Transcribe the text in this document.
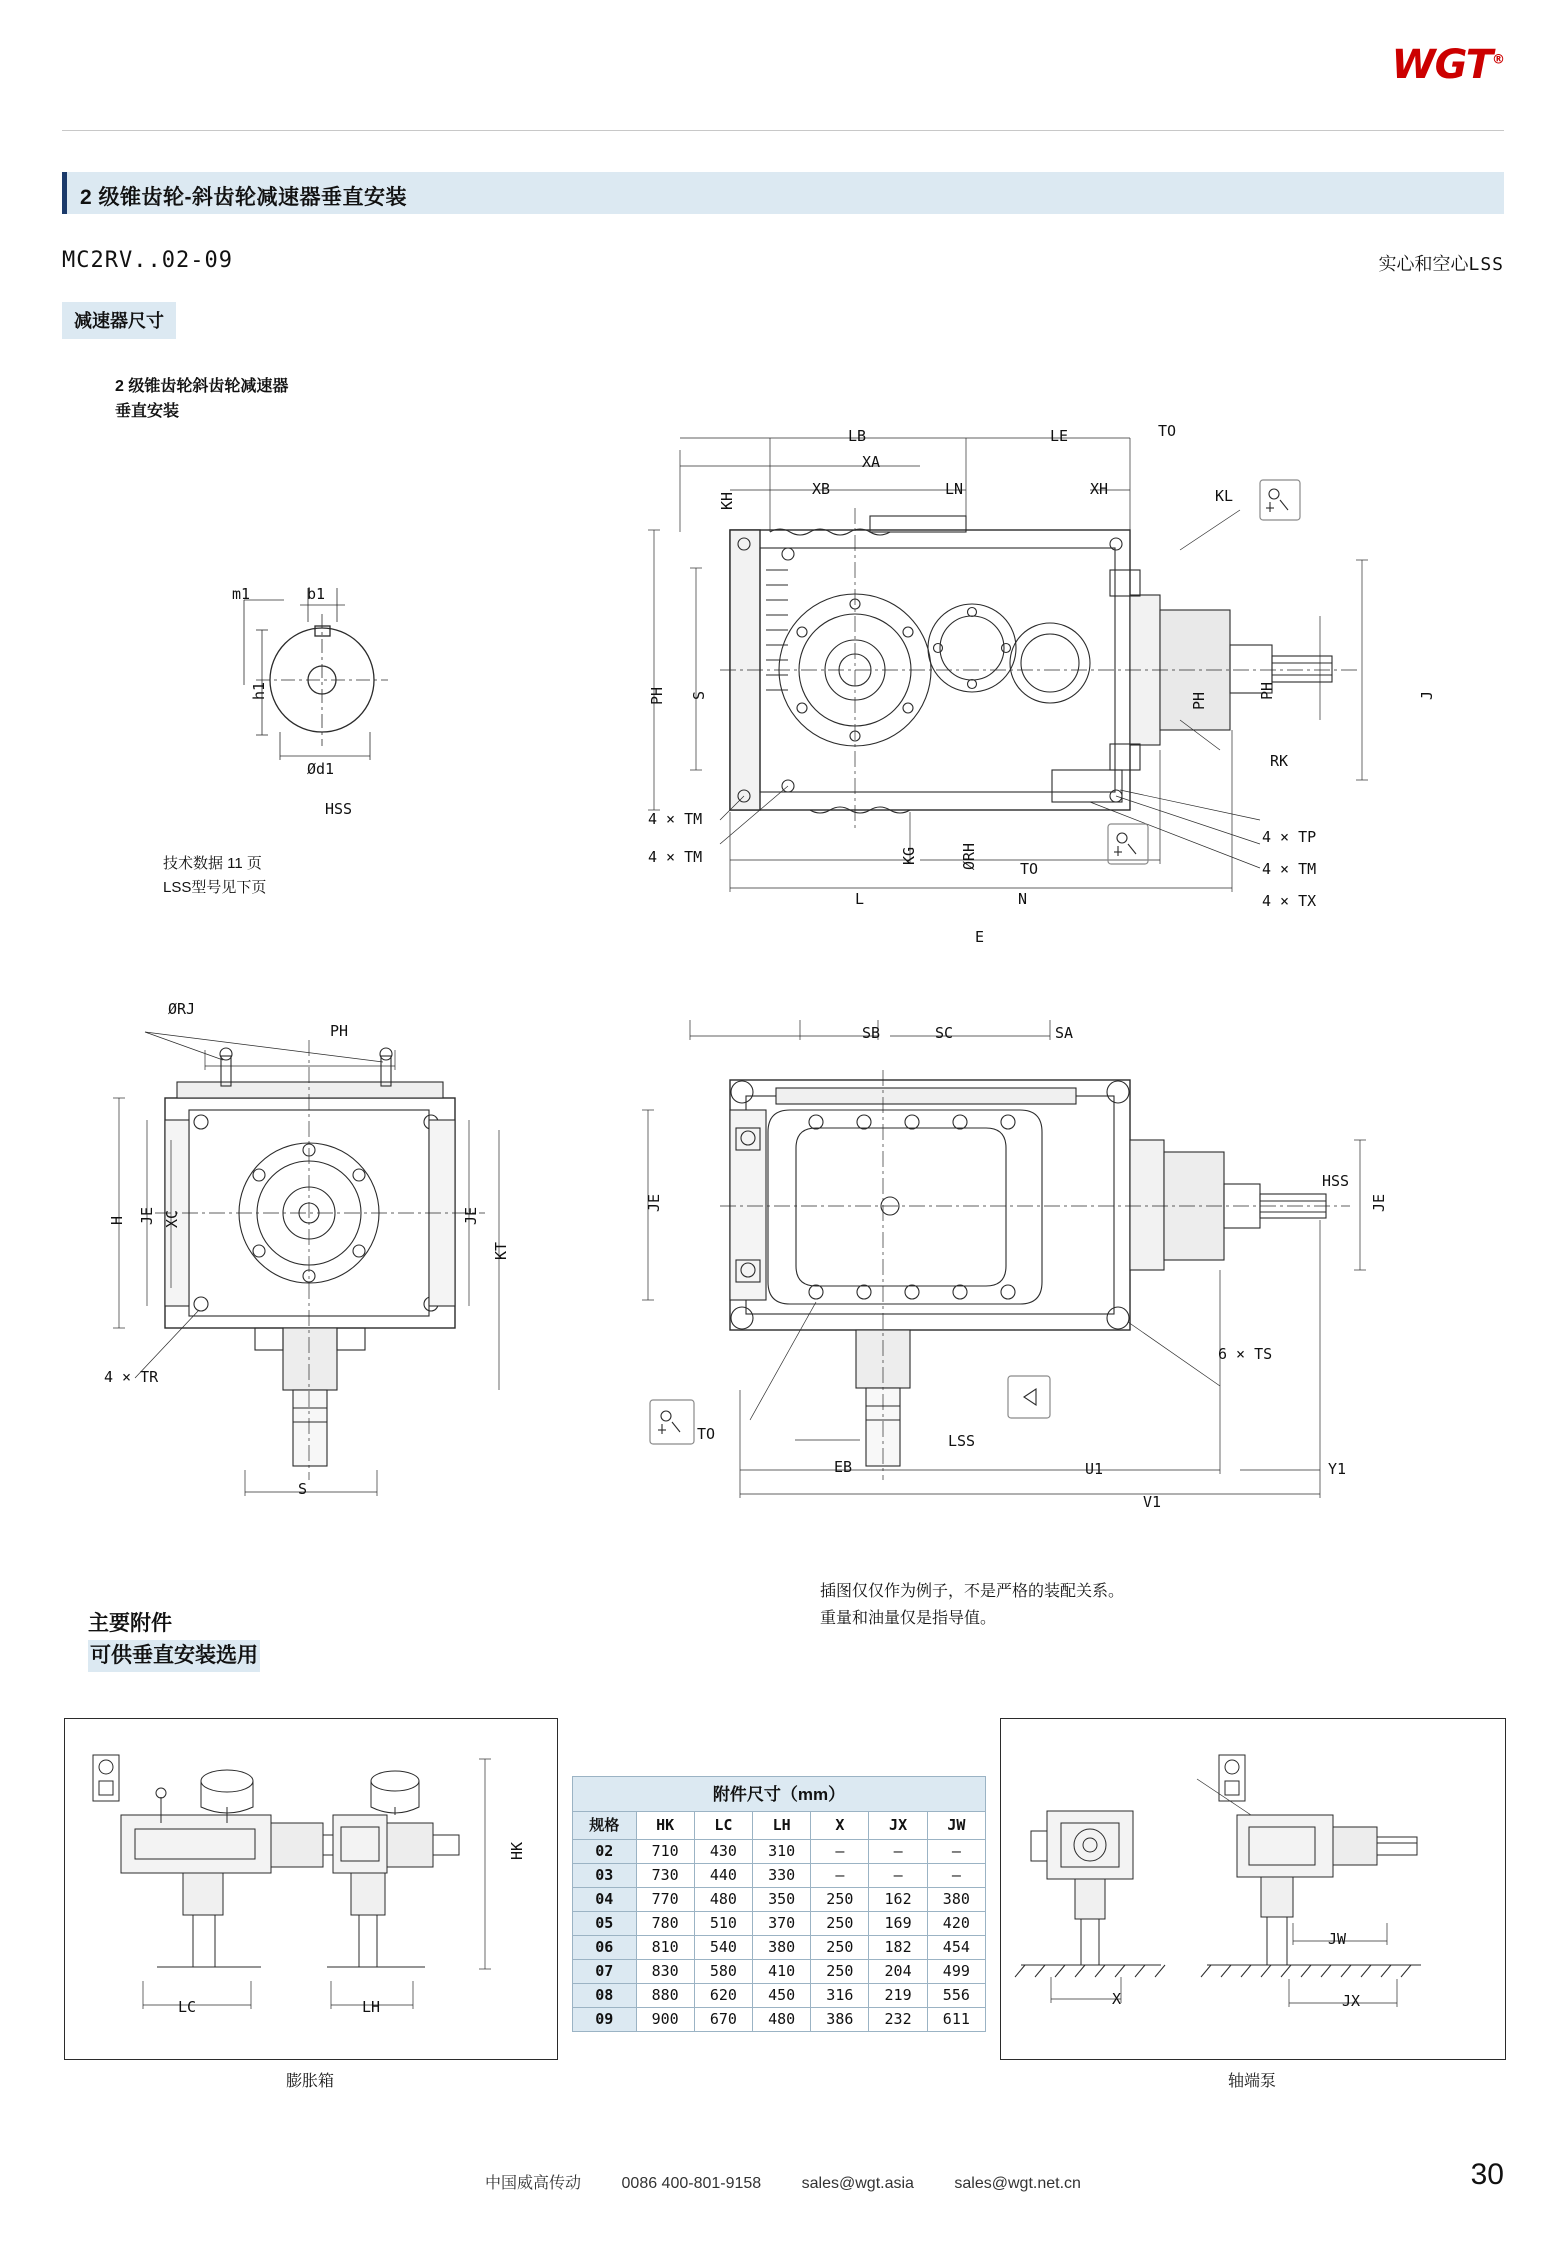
WGT®
2 级锥齿轮-斜齿轮减速器垂直安装
MC2RV..02-09	实心和空心LSS
减速器尺寸
2 级锥齿轮斜齿轮减速器
垂直安装
技术数据 11 页
LSS型号见下页
m1	b1
h1
Ød1
HSS
LB	LE	TO
XA
XB	LN	XH
KH	KL
PH S	PH	J
PH
RK
KG	ØRH	TO
4 × TM
4 × TM
4 × TP
4 × TM
4 × TX
L	N
E
ØRJ
PH
H JE XC	JE
KT
4 × TR
S
SB	SC	SA
JE	JE
HSS
6 × TS
TO	LSS
EB	U1	Y1
V1
插图仅仅作为例子，不是严格的装配关系。
重量和油量仅是指导值。
主要附件
可供垂直安装选用
HK
LC	LH
膨胀箱
X
JW
JX
轴端泵
附件尺寸（mm）						
规格	HK	LC	LH	X	JX	JW
02	710	430	310	–	–	–
03	730	440	330	–	–	–
04	770	480	350	250	162	380
05	780	510	370	250	169	420
06	810	540	380	250	182	454
07	830	580	410	250	204	499
08	880	620	450	316	219	556
09	900	670	480	386	232	611
中国威高传动	0086 400-801-9158	sales@wgt.asia	sales@wgt.net.cn	30
